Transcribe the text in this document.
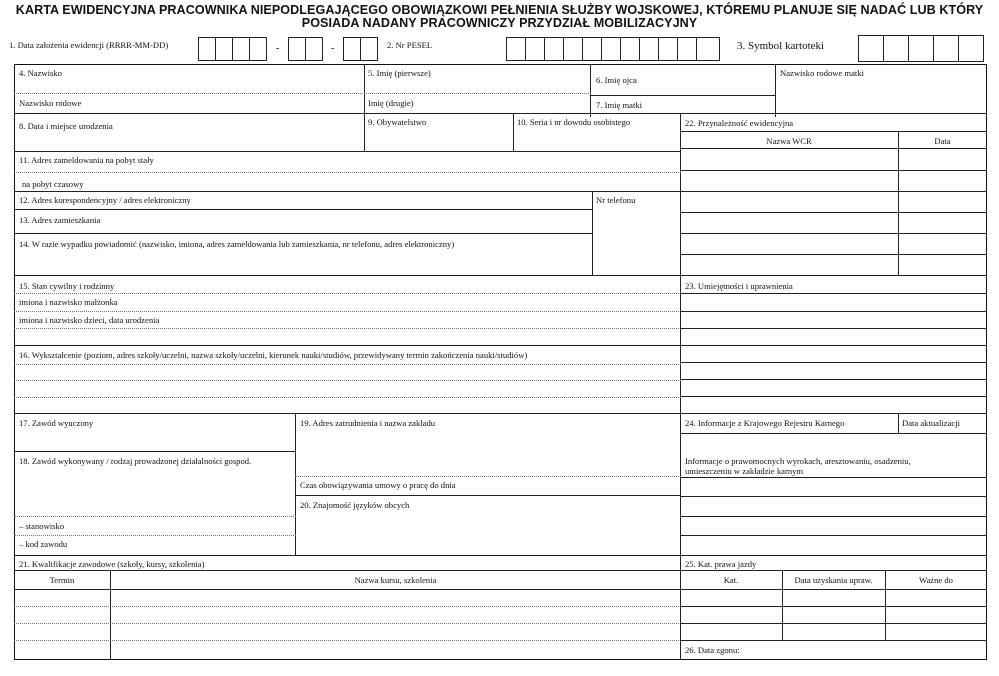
KARTA EWIDENCYJNA PRACOWNIKA NIEPODLEGAJĄCEGO OBOWIĄZKOWI PEŁNIENIA SŁUŻBY WOJSKOWEJ, KTÓREMU PLANUJE SIĘ NADAĆ LUB KTÓRY
POSIADA NADANY PRACOWNICZY PRZYDZIAŁ MOBILIZACYJNY
1. Data założenia ewidencji (RRRR-MM-DD)	-	-	2. Nr PESEL	3. Symbol kartoteki
4. Nazwisko	5. Imię (pierwsze)
6. Imię ojca
Nazwisko rodowe matki
Nazwisko rodowe	Imię (drugie)	7. Imię matki
8. Data i miejsce urodzenia	9. Obywatelstwo	10. Seria i nr dowodu osobistego
11. Adres zameldowania na pobyt stały
na pobyt czasowy
12. Adres korespondencyjny / adres elektroniczny	Nr telefonu
13. Adres zamieszkania
14. W razie wypadku powiadomić (nazwisko, imiona, adres zameldowania lub zamieszkania, nr telefonu, adres elektroniczny)
15. Stan cywilny i rodzinny
imiona i nazwisko małżonka
imiona i nazwisko dzieci, data urodzenia
16. Wykształcenie (poziom, adres szkoły/uczelni, nazwa szkoły/uczelni, kierunek nauki/studiów, przewidywany termin zakończenia nauki/studiów)
17. Zawód wyuczony
18. Zawód wykonywany / rodzaj prowadzonej działalności gospod.
– stanowisko
– kod zawodu
19. Adres zatrudnienia i nazwa zakładu
Czas obowiązywania umowy o pracę do dnia
20. Znajomość języków obcych
21. Kwalifikacje zawodowe (szkoły, kursy, szkolenia)
Termin	Nazwa kursu, szkolenia
22. Przynależność ewidencyjna
Nazwa WCR	Data
23. Umiejętności i uprawnienia
24. Informacje z Krajowego Rejestru Karnego	Data aktualizacji
Informacje o prawomocnych wyrokach, aresztowaniu, osadzeniu,
umieszczeniu w zakładzie karnym
25. Kat. prawa jazdy
Kat.	Data uzyskania upraw.	Ważne do
26. Data zgonu:
